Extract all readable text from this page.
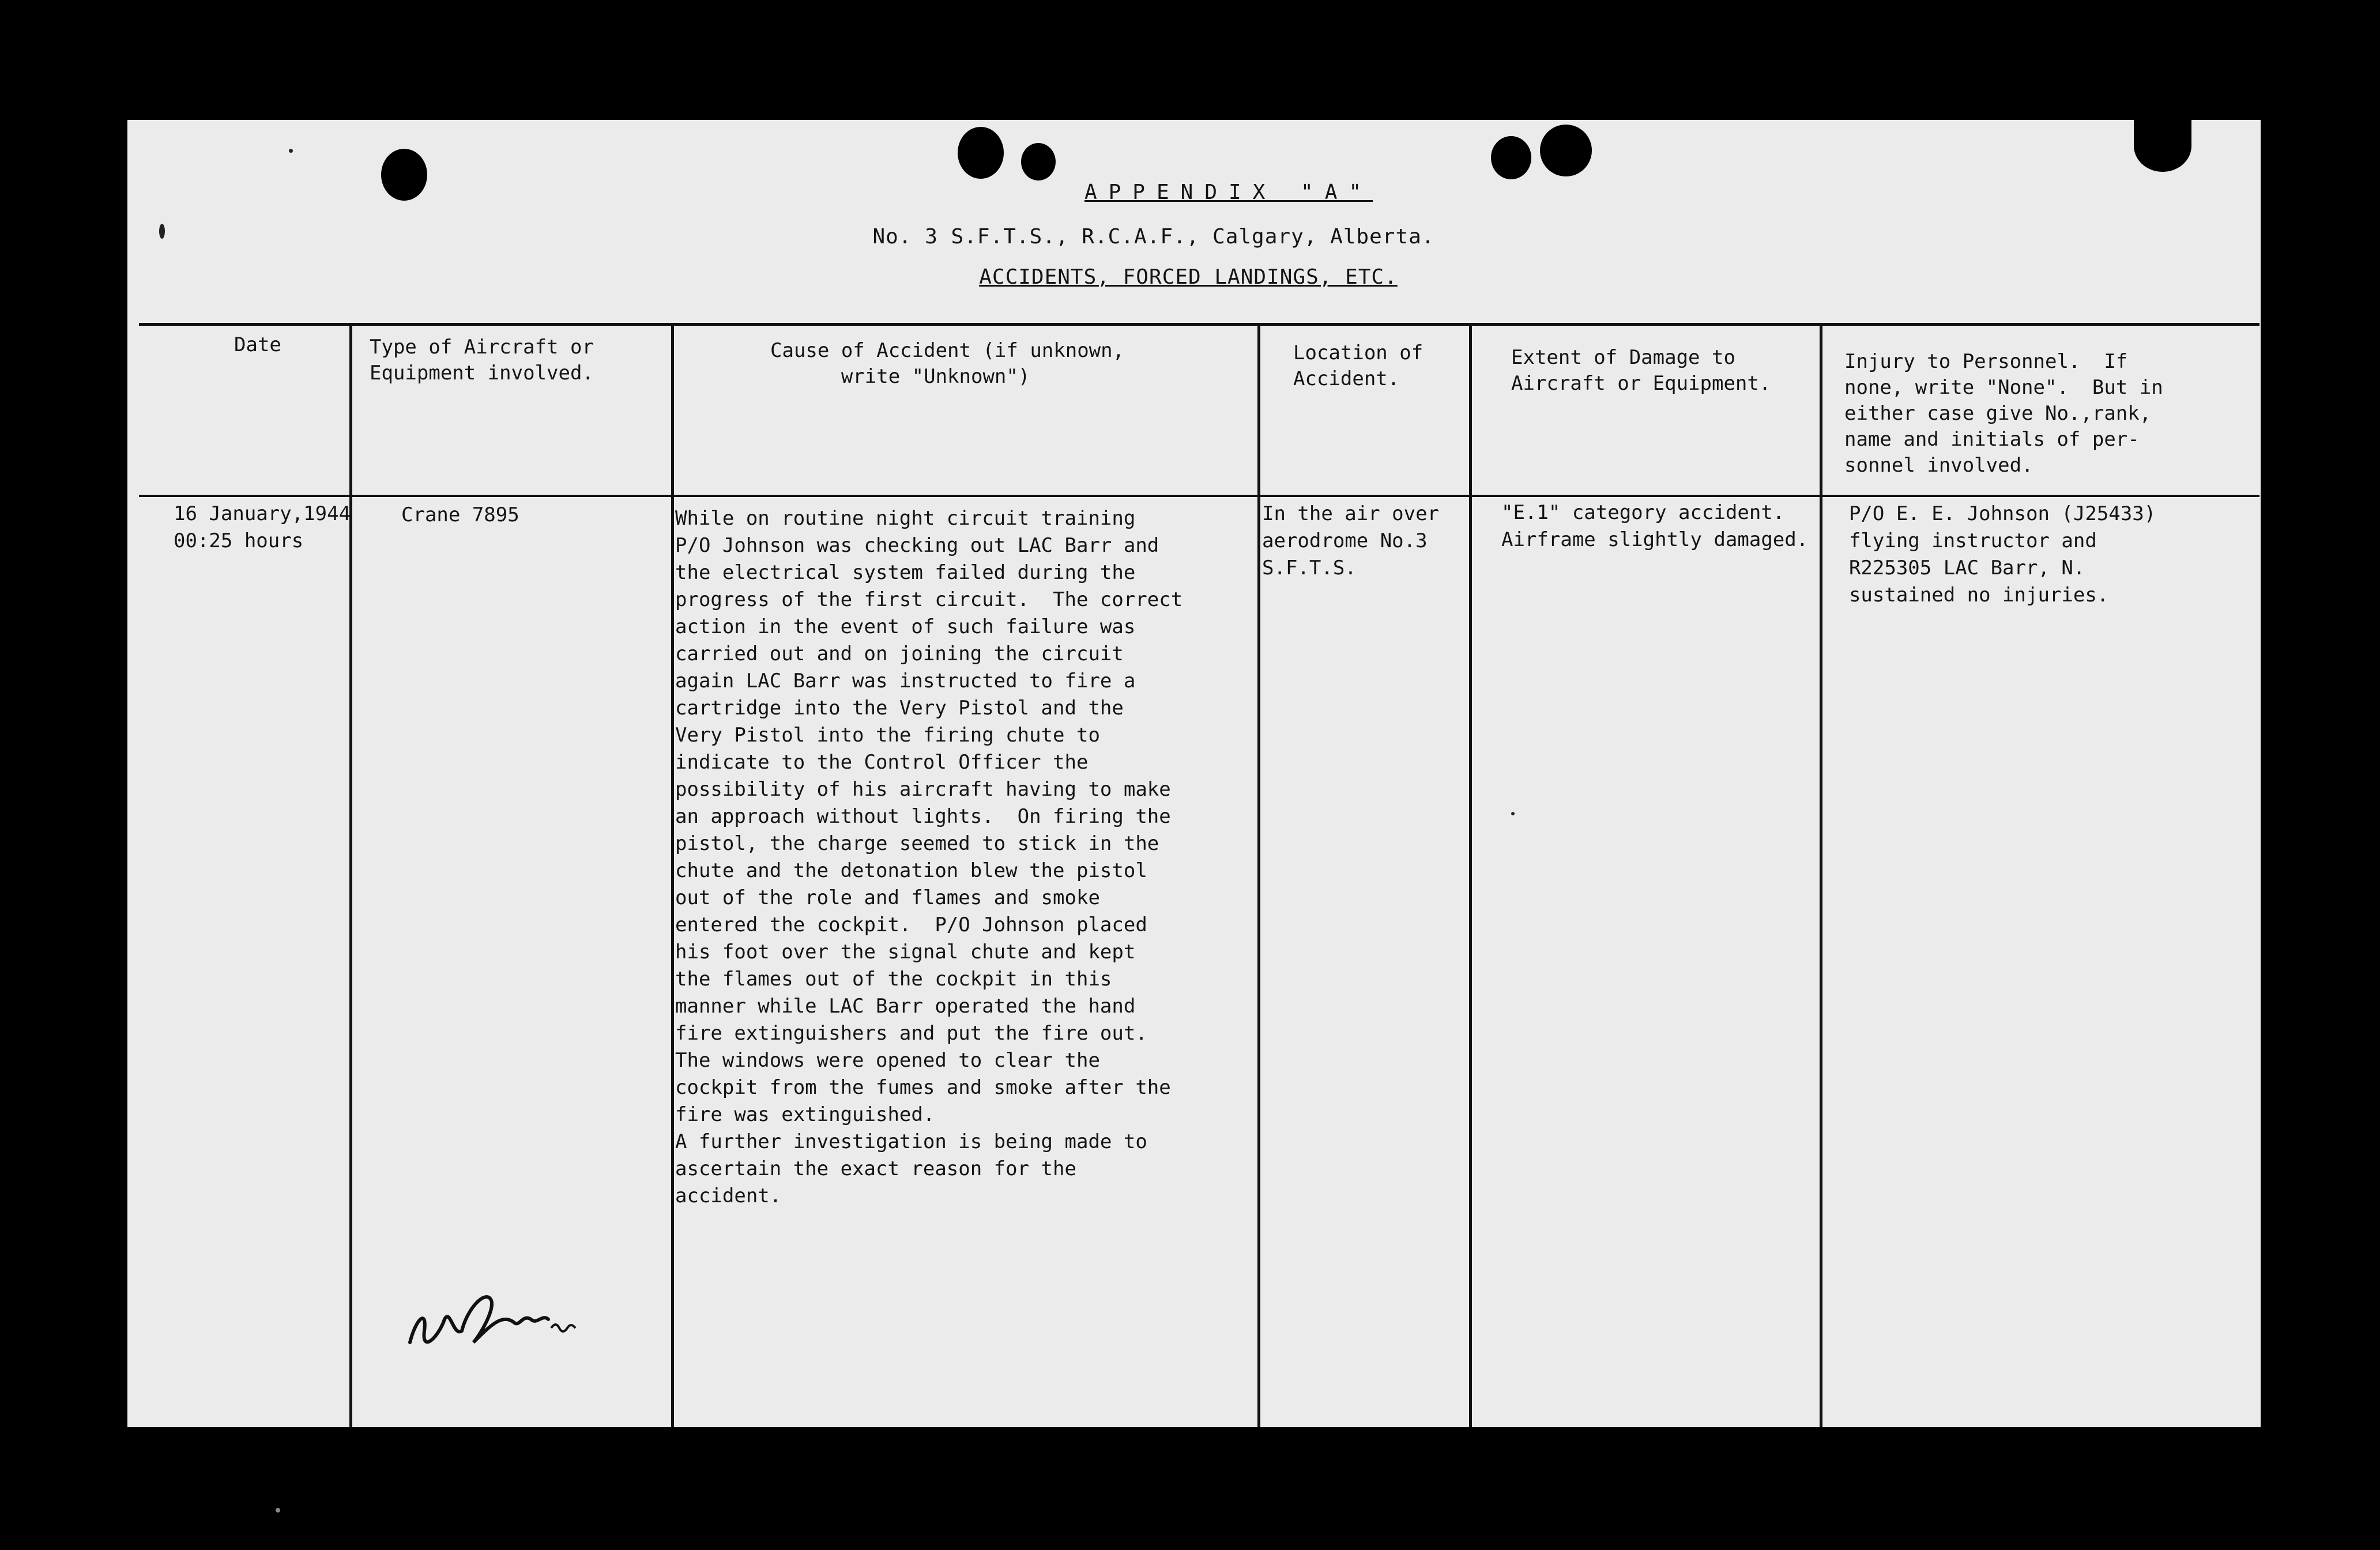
APPENDIX "A"
No. 3 S.F.T.S., R.C.A.F., Calgary, Alberta.
ACCIDENTS, FORCED LANDINGS, ETC.
Date	Type of Aircraft or
Equipment involved.
Cause of Accident (if unknown,
write "Unknown")
Location of
Accident.
Extent of Damage to
Aircraft or Equipment.
Injury to Personnel.  If
none, write "None".  But in
either case give No.,rank,
name and initials of per-
sonnel involved.
16 January,1944
00:25 hours
Crane 7895	While on routine night circuit training
P/O Johnson was checking out LAC Barr and
the electrical system failed during the
progress of the first circuit.  The correct
action in the event of such failure was
carried out and on joining the circuit
again LAC Barr was instructed to fire a
cartridge into the Very Pistol and the
Very Pistol into the firing chute to
indicate to the Control Officer the
possibility of his aircraft having to make
an approach without lights.  On firing the
pistol, the charge seemed to stick in the
chute and the detonation blew the pistol
out of the role and flames and smoke
entered the cockpit.  P/O Johnson placed
his foot over the signal chute and kept
the flames out of the cockpit in this
manner while LAC Barr operated the hand
fire extinguishers and put the fire out.
The windows were opened to clear the
cockpit from the fumes and smoke after the
fire was extinguished.
A further investigation is being made to
ascertain the exact reason for the
accident.
In the air over
aerodrome No.3
S.F.T.S.
"E.1" category accident.
Airframe slightly damaged.
P/O E. E. Johnson (J25433)
flying instructor and
R225305 LAC Barr, N.
sustained no injuries.
